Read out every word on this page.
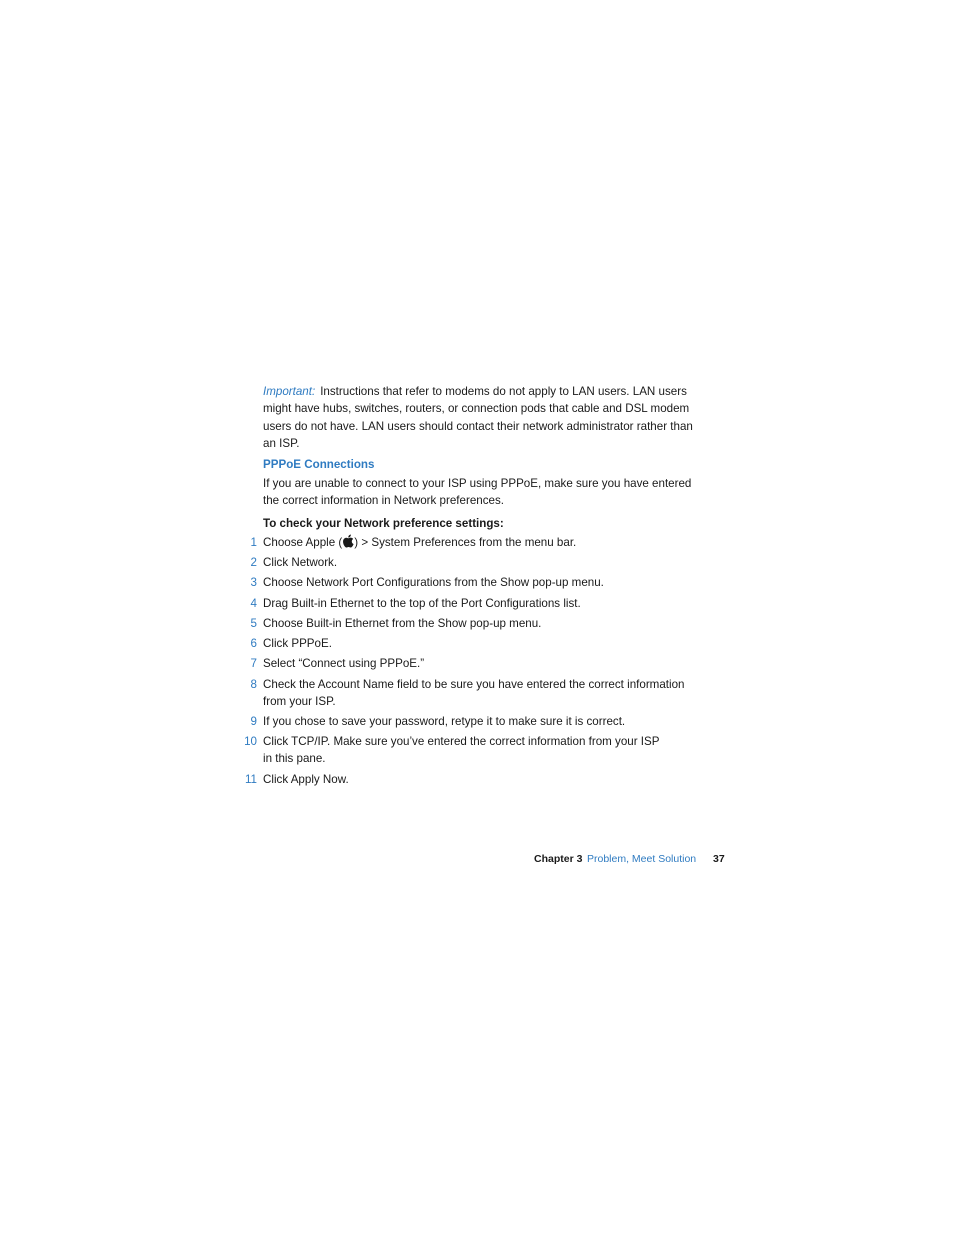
Important: Instructions that refer to modems do not apply to LAN users. LAN users might have hubs, switches, routers, or connection pods that cable and DSL modem users do not have. LAN users should contact their network administrator rather than an ISP.
PPPoE Connections
If you are unable to connect to your ISP using PPPoE, make sure you have entered the correct information in Network preferences.
To check your Network preference settings:
1 Choose Apple ( ) > System Preferences from the menu bar.
2 Click Network.
3 Choose Network Port Configurations from the Show pop-up menu.
4 Drag Built-in Ethernet to the top of the Port Configurations list.
5 Choose Built-in Ethernet from the Show pop-up menu.
6 Click PPPoE.
7 Select “Connect using PPPoE.”
8 Check the Account Name field to be sure you have entered the correct information from your ISP.
9 If you chose to save your password, retype it to make sure it is correct.
10 Click TCP/IP. Make sure you’ve entered the correct information from your ISP in this pane.
11 Click Apply Now.
Chapter 3 Problem, Meet Solution 37
